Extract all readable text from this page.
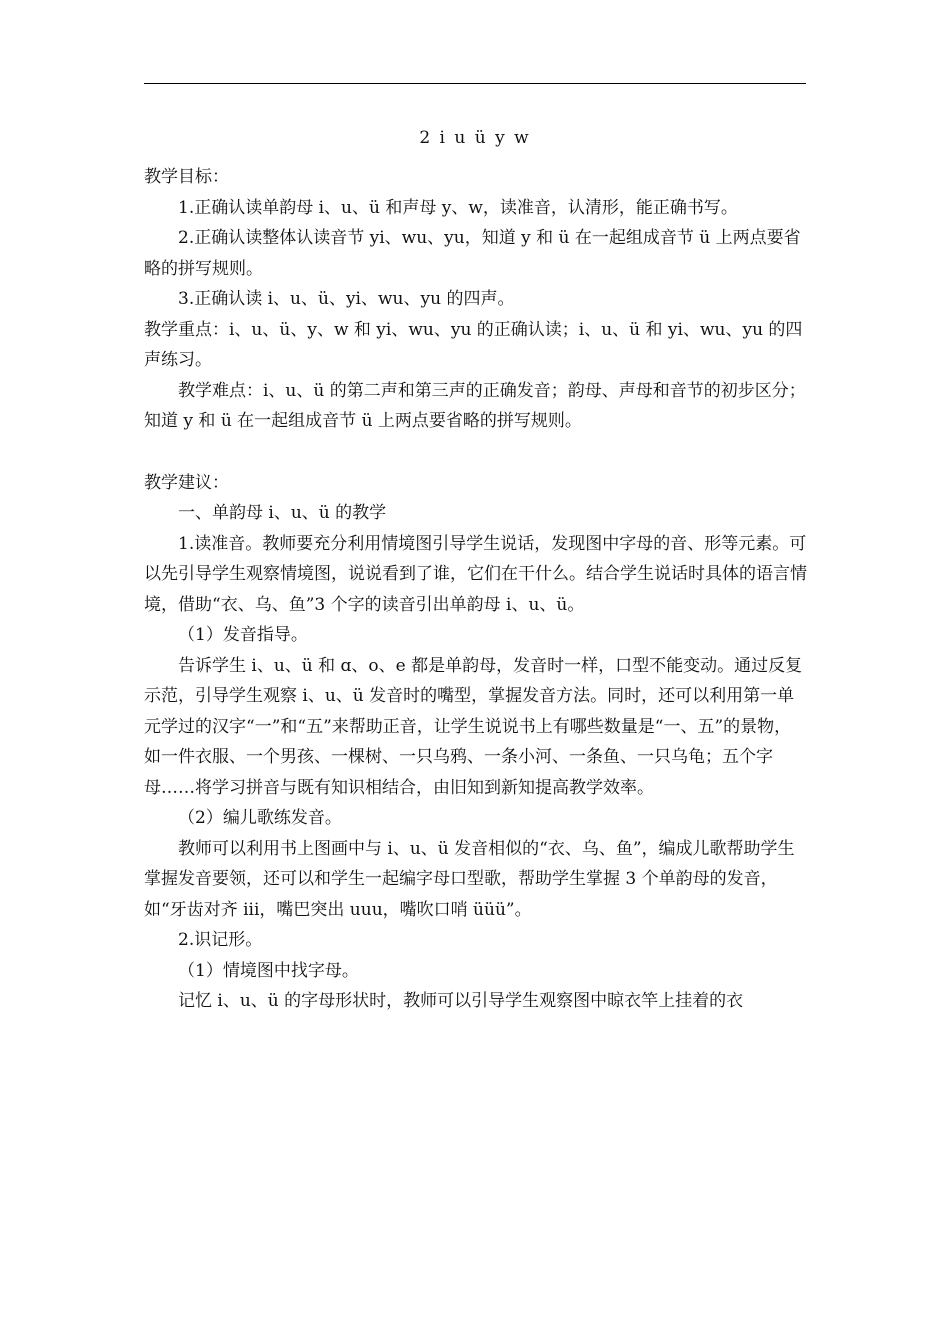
2 i u ü y w

教学目标：

1.正确认读单韵母 i、u、ü 和声母 y、w，读准音，认清形，能正确书写。

2.正确认读整体认读音节 yi、wu、yu，知道 y 和 ü 在一起组成音节 ü 上两点要省略的拼写规则。

3.正确认读 i、u、ü、yi、wu、yu 的四声。

教学重点：i、u、ü、y、w 和 yi、wu、yu 的正确认读；i、u、ü 和 yi、wu、yu 的四声练习。

教学难点：i、u、ü 的第二声和第三声的正确发音；韵母、声母和音节的初步区分；知道 y 和 ü 在一起组成音节 ü 上两点要省略的拼写规则。

教学建议：

一、单韵母 i、u、ü 的教学

1.读准音。教师要充分利用情境图引导学生说话，发现图中字母的音、形等元素。可以先引导学生观察情境图，说说看到了谁，它们在干什么。结合学生说话时具体的语言情境，借助“衣、乌、鱼”3 个字的读音引出单韵母 i、u、ü。

（1）发音指导。

告诉学生 i、u、ü 和 ɑ、o、e 都是单韵母，发音时一样，口型不能变动。通过反复示范，引导学生观察 i、u、ü 发音时的嘴型，掌握发音方法。同时，还可以利用第一单元学过的汉字“一”和“五”来帮助正音，让学生说说书上有哪些数量是“一、五”的景物，如一件衣服、一个男孩、一棵树、一只乌鸦、一条小河、一条鱼、一只乌龟；五个字母……将学习拼音与既有知识相结合，由旧知到新知提高教学效率。

（2）编儿歌练发音。

教师可以利用书上图画中与 i、u、ü 发音相似的“衣、乌、鱼”，编成儿歌帮助学生掌握发音要领，还可以和学生一起编字母口型歌，帮助学生掌握 3 个单韵母的发音，如“牙齿对齐 iii，嘴巴突出 uuu，嘴吹口哨 üüü”。

2.识记形。

（1）情境图中找字母。

记忆 i、u、ü 的字母形状时，教师可以引导学生观察图中晾衣竿上挂着的衣
